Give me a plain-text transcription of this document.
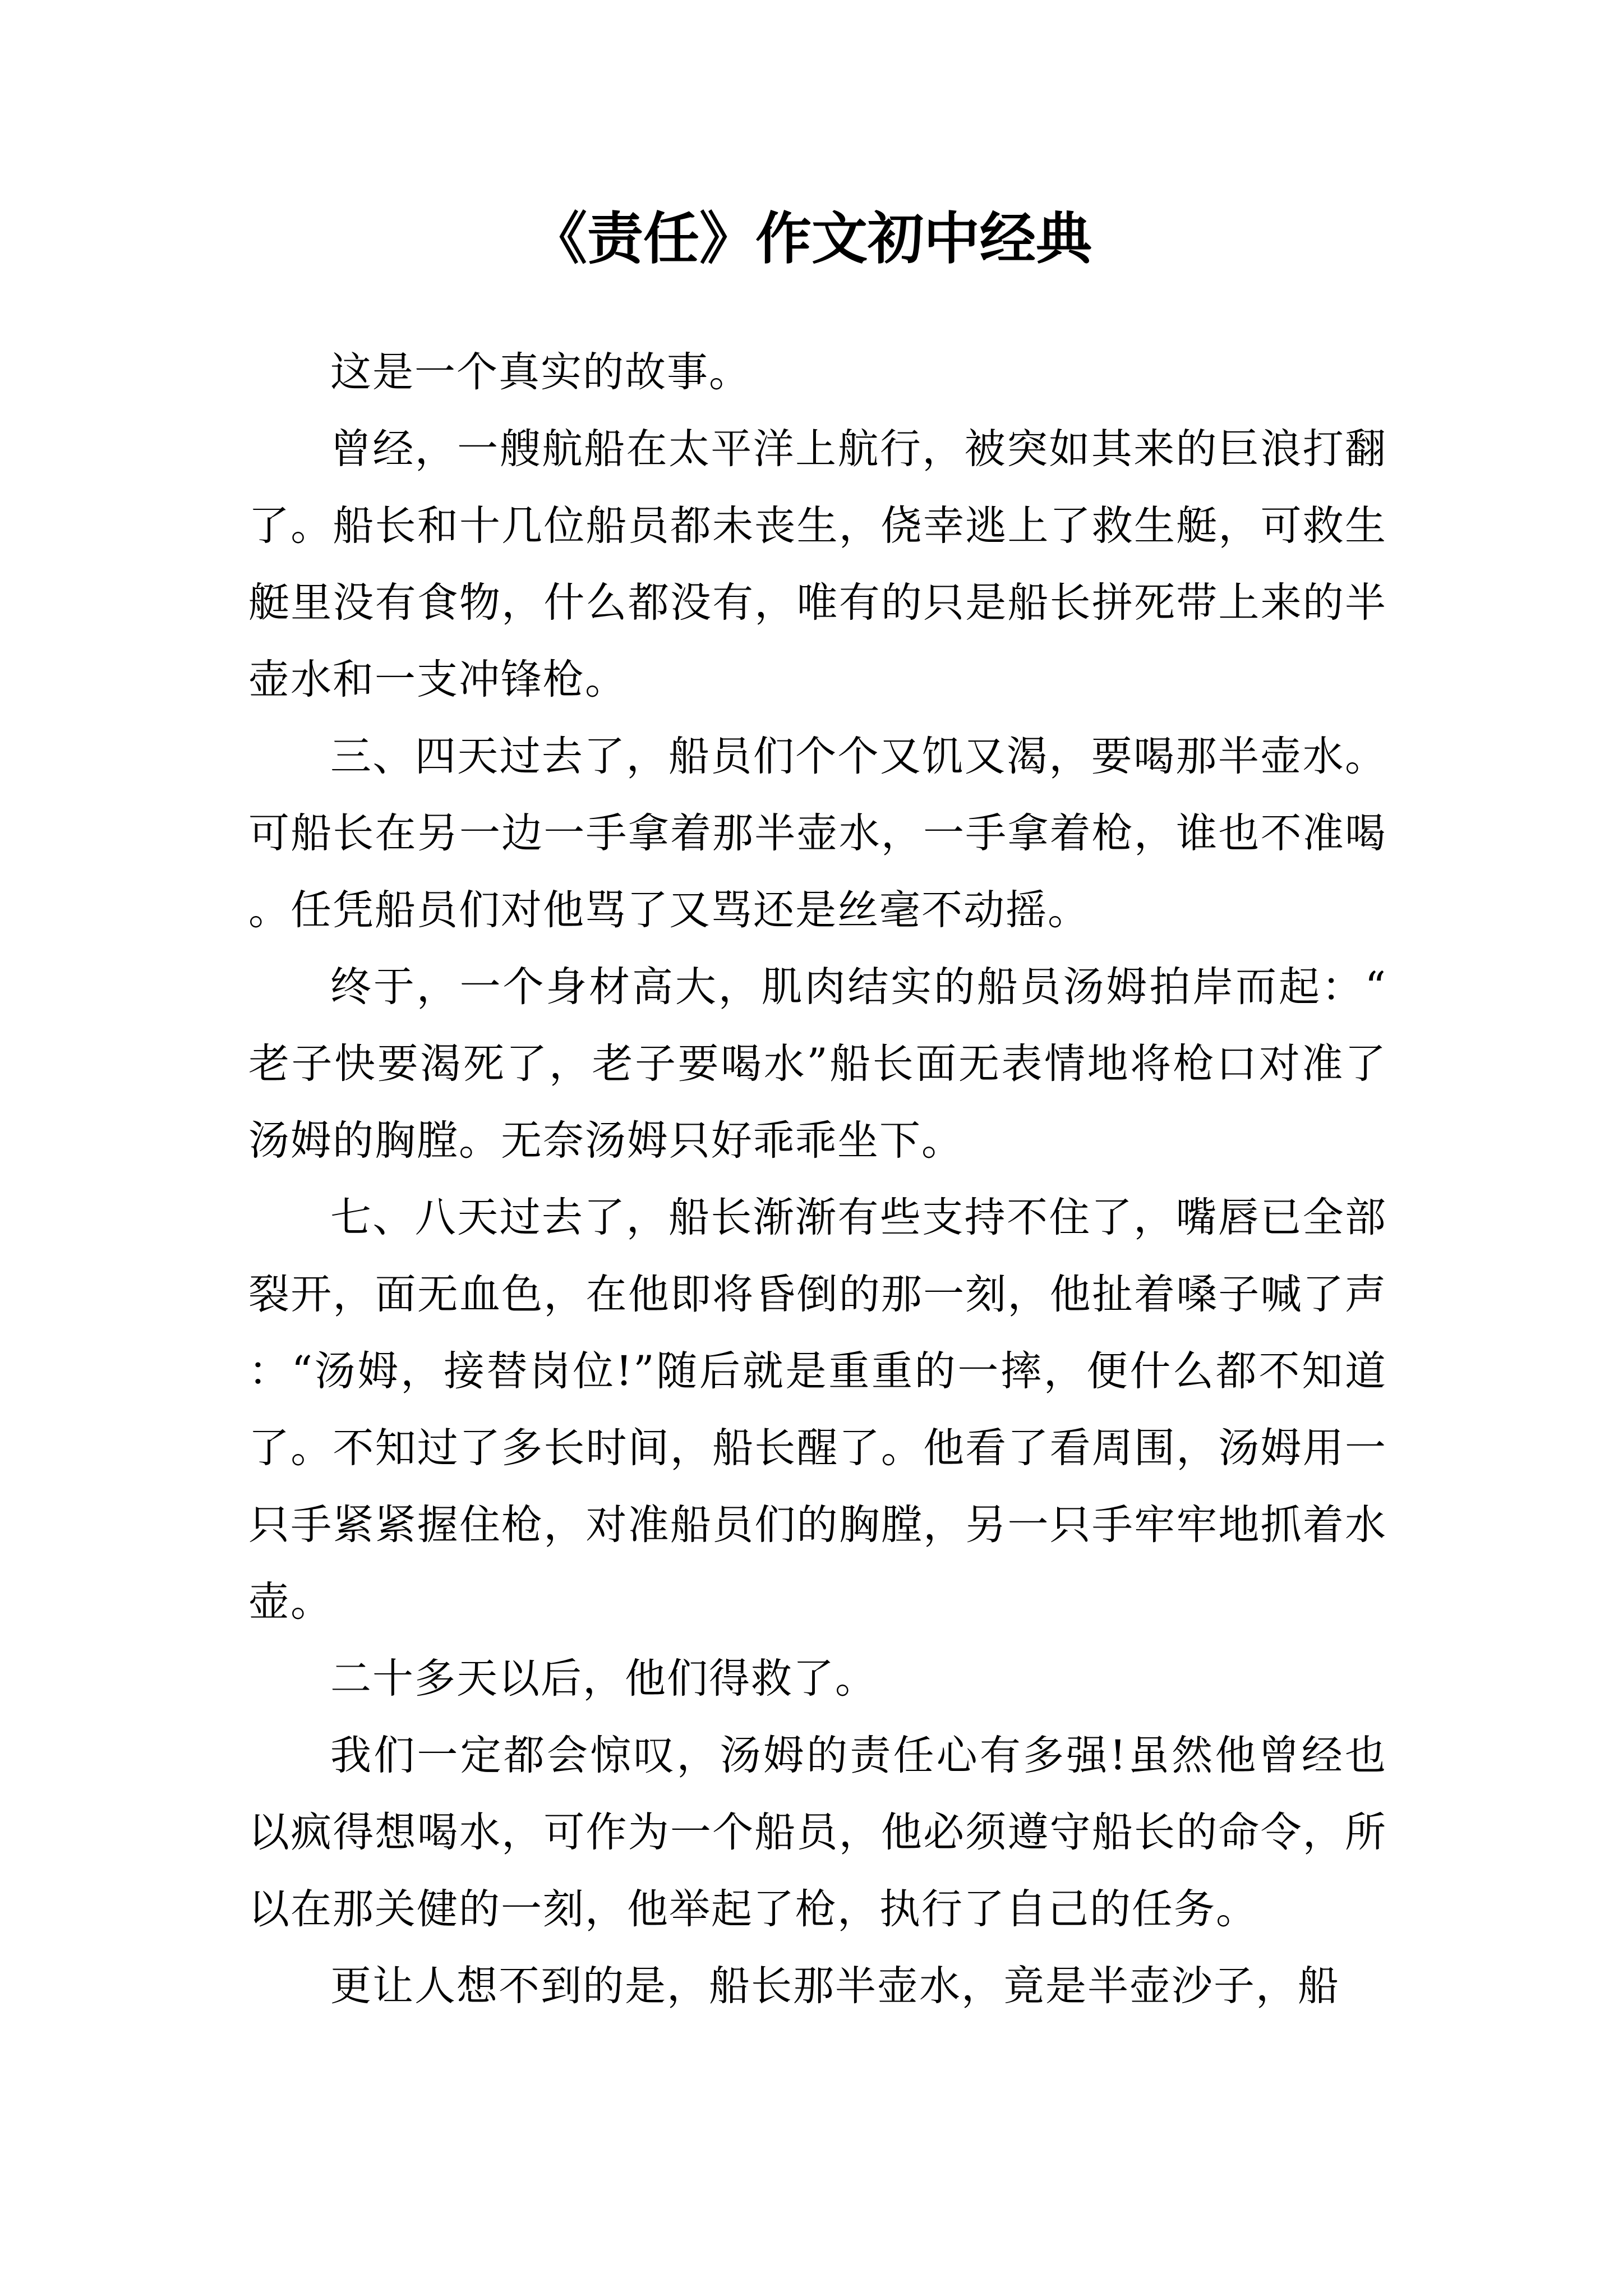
《责任》作文初中经典

这是一个真实的故事。

曾经，一艘航船在太平洋上航行，被突如其来的巨浪打翻了。船长和十几位船员都未丧生，侥幸逃上了救生艇，可救生艇里没有食物，什么都没有，唯有的只是船长拼死带上来的半壶水和一支冲锋枪。

三、四天过去了，船员们个个又饥又渴，要喝那半壶水。可船长在另一边一手拿着那半壶水，一手拿着枪，谁也不准喝。任凭船员们对他骂了又骂还是丝毫不动摇。

终于，一个身材高大，肌肉结实的船员汤姆拍岸而起：“老子快要渴死了，老子要喝水”船长面无表情地将枪口对准了汤姆的胸膛。无奈汤姆只好乖乖坐下。

七、八天过去了，船长渐渐有些支持不住了，嘴唇已全部裂开，面无血色，在他即将昏倒的那一刻，他扯着嗓子喊了声：“汤姆，接替岗位!”随后就是重重的一摔，便什么都不知道了。不知过了多长时间，船长醒了。他看了看周围，汤姆用一只手紧紧握住枪，对准船员们的胸膛，另一只手牢牢地抓着水壶。

二十多天以后，他们得救了。

我们一定都会惊叹，汤姆的责任心有多强!虽然他曾经也以疯得想喝水，可作为一个船员，他必须遵守船长的命令，所以在那关健的一刻，他举起了枪，执行了自己的任务。

更让人想不到的是，船长那半壶水，竟是半壶沙子，船
